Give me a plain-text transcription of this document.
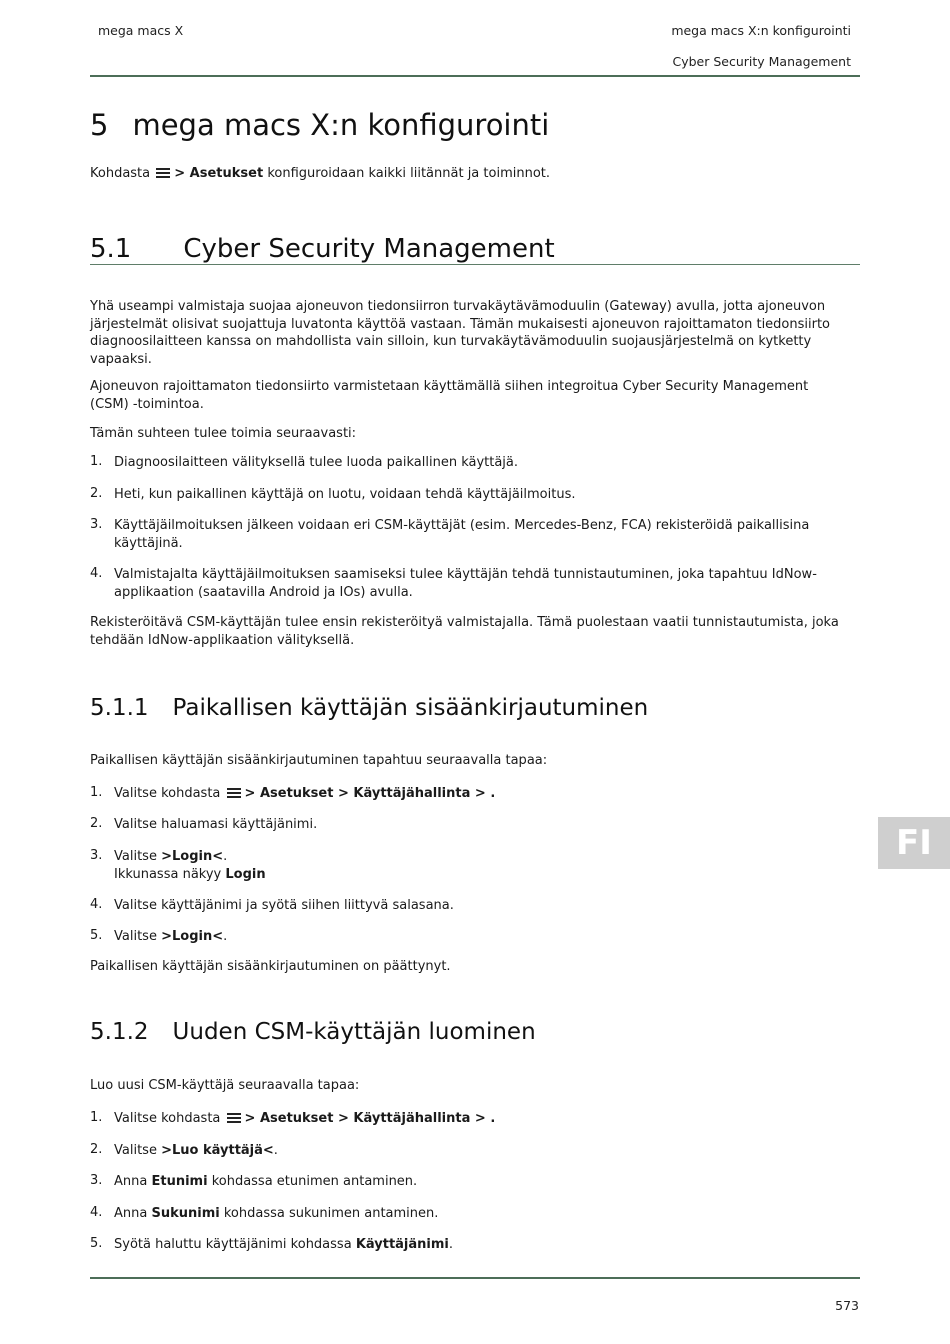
mega macs X	mega macs X:n konfigurointi
Cyber Security Management
5 mega macs X:n konfigurointi
Kohdasta > Asetukset konfiguroidaan kaikki liitännät ja toiminnot.
5.1 Cyber Security Management
Yhä useampi valmistaja suojaa ajoneuvon tiedonsiirron turvakäytävämoduulin (Gateway) avulla, jotta ajoneuvon järjestelmät olisivat suojattuja luvatonta käyttöä vastaan. Tämän mukaisesti ajoneuvon rajoittamaton tiedonsiirto diagnoosilaitteen kanssa on mahdollista vain silloin, kun turvakäytävämoduulin suojausjärjestelmä on kytketty vapaaksi.
Ajoneuvon rajoittamaton tiedonsiirto varmistetaan käyttämällä siihen integroitua Cyber Security Management (CSM) -toimintoa.
Tämän suhteen tulee toimia seuraavasti:
1. Diagnoosilaitteen välityksellä tulee luoda paikallinen käyttäjä.
2. Heti, kun paikallinen käyttäjä on luotu, voidaan tehdä käyttäjäilmoitus.
3. Käyttäjäilmoituksen jälkeen voidaan eri CSM-käyttäjät (esim. Mercedes-Benz, FCA) rekisteröidä paikallisina käyttäjinä.
4. Valmistajalta käyttäjäilmoituksen saamiseksi tulee käyttäjän tehdä tunnistautuminen, joka tapahtuu IdNow-applikaation (saatavilla Android ja IOs) avulla.
Rekisteröitävä CSM-käyttäjän tulee ensin rekisteröityä valmistajalla. Tämä puolestaan vaatii tunnistautumista, joka tehdään IdNow-applikaation välityksellä.
5.1.1 Paikallisen käyttäjän sisäänkirjautuminen
Paikallisen käyttäjän sisäänkirjautuminen tapahtuu seuraavalla tapaa:
1. Valitse kohdasta > Asetukset > Käyttäjähallinta > .
2. Valitse haluamasi käyttäjänimi.
3. Valitse >Login<.
Ikkunassa näkyy Login
4. Valitse käyttäjänimi ja syötä siihen liittyvä salasana.
5. Valitse >Login<.
Paikallisen käyttäjän sisäänkirjautuminen on päättynyt.
5.1.2 Uuden CSM-käyttäjän luominen
Luo uusi CSM-käyttäjä seuraavalla tapaa:
1. Valitse kohdasta > Asetukset > Käyttäjähallinta > .
2. Valitse >Luo käyttäjä<.
3. Anna Etunimi kohdassa etunimen antaminen.
4. Anna Sukunimi kohdassa sukunimen antaminen.
5. Syötä haluttu käyttäjänimi kohdassa Käyttäjänimi.
FI
573
